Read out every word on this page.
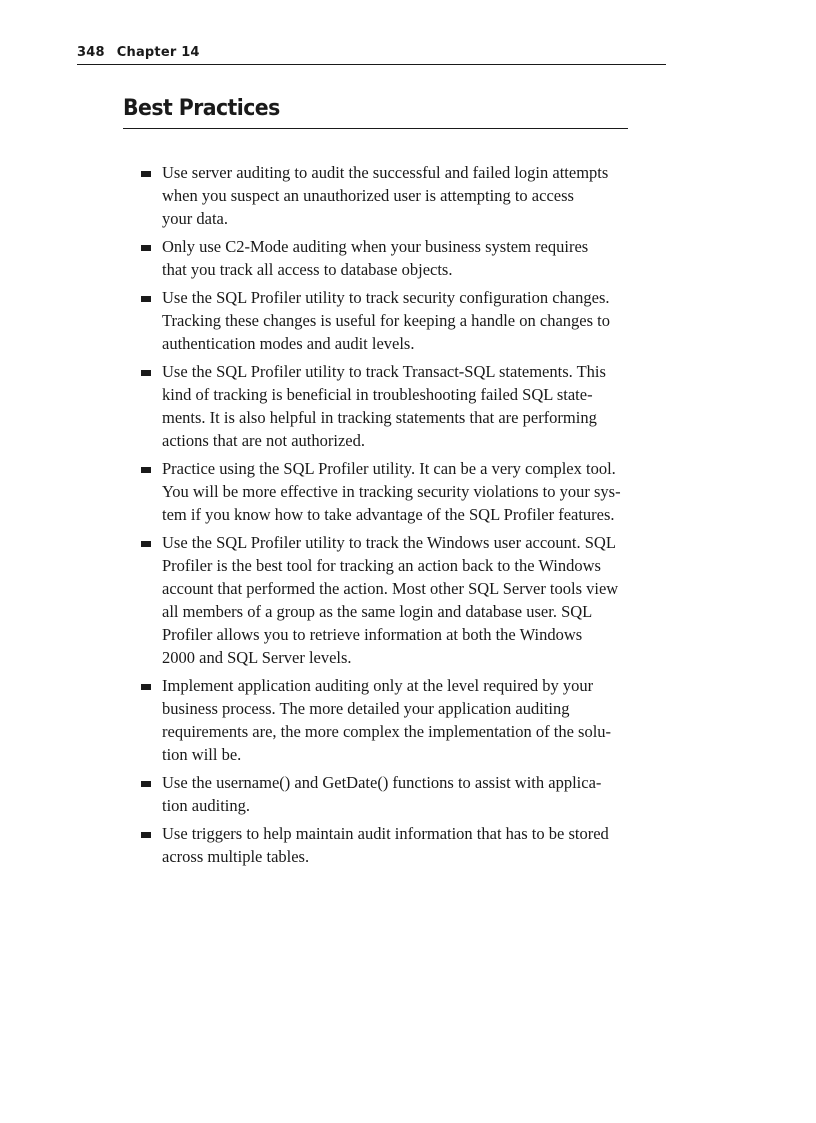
348 Chapter 14
Best Practices
Use server auditing to audit the successful and failed login attempts
when you suspect an unauthorized user is attempting to access
your data.
Only use C2-Mode auditing when your business system requires
that you track all access to database objects.
Use the SQL Profiler utility to track security configuration changes.
Tracking these changes is useful for keeping a handle on changes to
authentication modes and audit levels.
Use the SQL Profiler utility to track Transact-SQL statements. This
kind of tracking is beneficial in troubleshooting failed SQL state-
ments. It is also helpful in tracking statements that are performing
actions that are not authorized.
Practice using the SQL Profiler utility. It can be a very complex tool.
You will be more effective in tracking security violations to your sys-
tem if you know how to take advantage of the SQL Profiler features.
Use the SQL Profiler utility to track the Windows user account. SQL
Profiler is the best tool for tracking an action back to the Windows
account that performed the action. Most other SQL Server tools view
all members of a group as the same login and database user. SQL
Profiler allows you to retrieve information at both the Windows
2000 and SQL Server levels.
Implement application auditing only at the level required by your
business process. The more detailed your application auditing
requirements are, the more complex the implementation of the solu-
tion will be.
Use the username() and GetDate() functions to assist with applica-
tion auditing.
Use triggers to help maintain audit information that has to be stored
across multiple tables.
